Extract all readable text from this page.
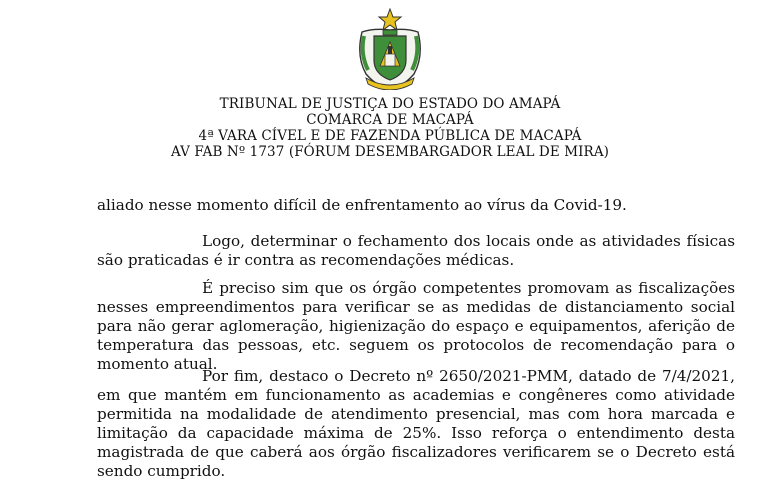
TRIBUNAL DE JUSTIÇA DO ESTADO DO AMAPÁ
COMARCA DE MACAPÁ
4ª VARA CÍVEL E DE FAZENDA PÚBLICA DE MACAPÁ
AV FAB Nº 1737 (FÓRUM DESEMBARGADOR LEAL DE MIRA)

aliado nesse momento difícil de enfrentamento ao vírus da Covid-19.

Logo, determinar o fechamento dos locais onde as atividades físicas são praticadas é ir contra as recomendações médicas.

É preciso sim que os órgão competentes promovam as fiscalizações nesses empreendimentos para verificar se as medidas de distanciamento social para não gerar aglomeração, higienização do espaço e equipamentos, aferição de temperatura das pessoas, etc. seguem os protocolos de recomendação para o momento atual.

Por fim, destaco o Decreto nº 2650/2021-PMM, datado de 7/4/2021, em que mantém em funcionamento as academias e congêneres como atividade permitida na modalidade de atendimento presencial, mas com hora marcada e limitação da capacidade máxima de 25%. Isso reforça o entendimento desta magistrada de que caberá aos órgão fiscalizadores verificarem se o Decreto está sendo cumprido.
